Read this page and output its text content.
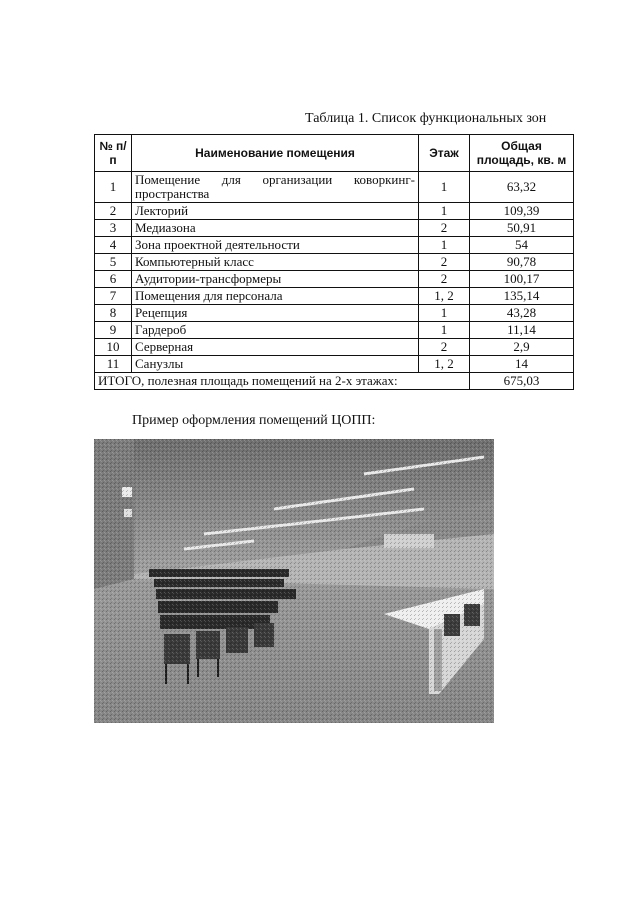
Таблица 1. Список функциональных зон
№ п/п	Наименование помещения	Этаж	Общая площадь, кв. м
1	Помещение для организации коворкинг-пространства	1	63,32
2	Лекторий	1	109,39
3	Медиазона	2	50,91
4	Зона проектной деятельности	1	54
5	Компьютерный класс	2	90,78
6	Аудитории-трансформеры	2	100,17
7	Помещения для персонала	1, 2	135,14
8	Рецепция	1	43,28
9	Гардероб	1	11,14
10	Серверная	2	2,9
11	Санузлы	1, 2	14
ИТОГО, полезная площадь помещений на 2-х этажах:			675,03
Пример оформления помещений ЦОПП:
